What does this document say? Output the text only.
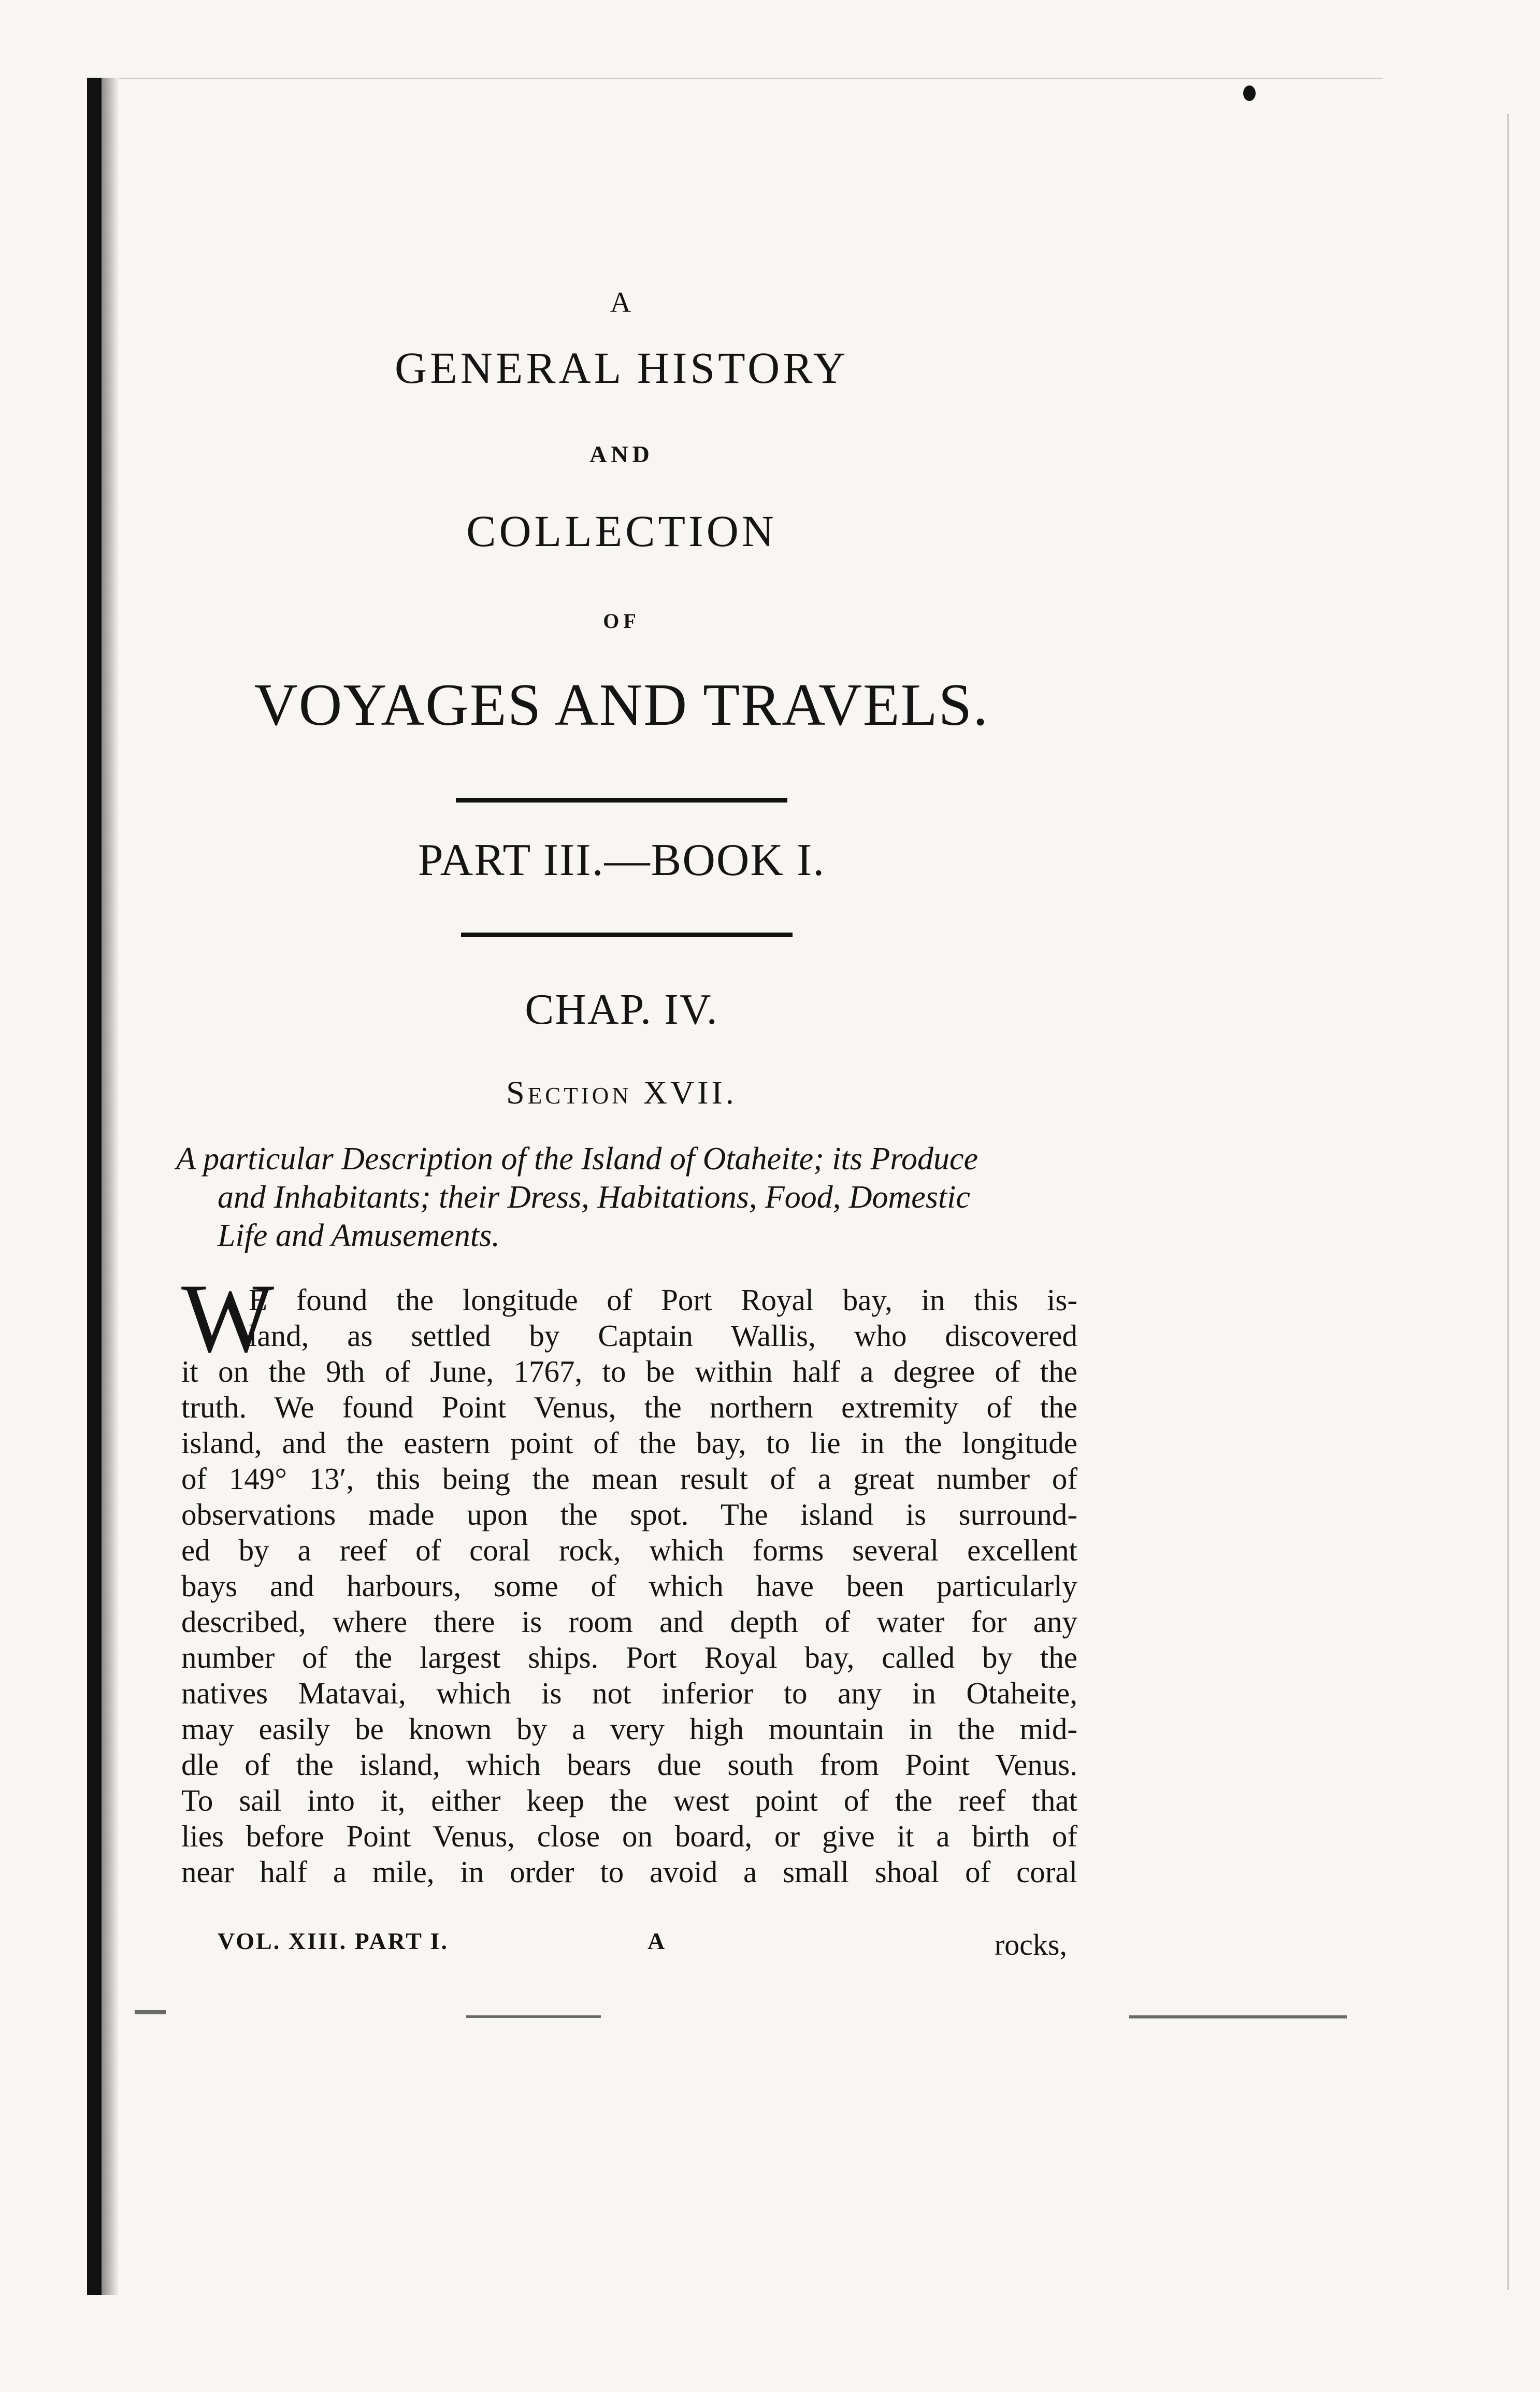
A
GENERAL HISTORY
AND
COLLECTION
OF
VOYAGES AND TRAVELS.
PART III.—BOOK I.
CHAP. IV.
Section XVII.
A particular Description of the Island of Otaheite; its Produce
and Inhabitants; their Dress, Habitations, Food, Domestic
Life and Amusements.
W
E found the longitude of Port Royal bay, in this is-
land, as settled by Captain Wallis, who discovered
it on the 9th of June, 1767, to be within half a degree of the
truth. We found Point Venus, the northern extremity of the
island, and the eastern point of the bay, to lie in the longitude
of 149° 13′, this being the mean result of a great number of
observations made upon the spot. The island is surround-
ed by a reef of coral rock, which forms several excellent
bays and harbours, some of which have been particularly
described, where there is room and depth of water for any
number of the largest ships. Port Royal bay, called by the
natives Matavai, which is not inferior to any in Otaheite,
may easily be known by a very high mountain in the mid-
dle of the island, which bears due south from Point Venus.
To sail into it, either keep the west point of the reef that
lies before Point Venus, close on board, or give it a birth of
near half a mile, in order to avoid a small shoal of coral
VOL. XIII. PART I.	A	rocks,
